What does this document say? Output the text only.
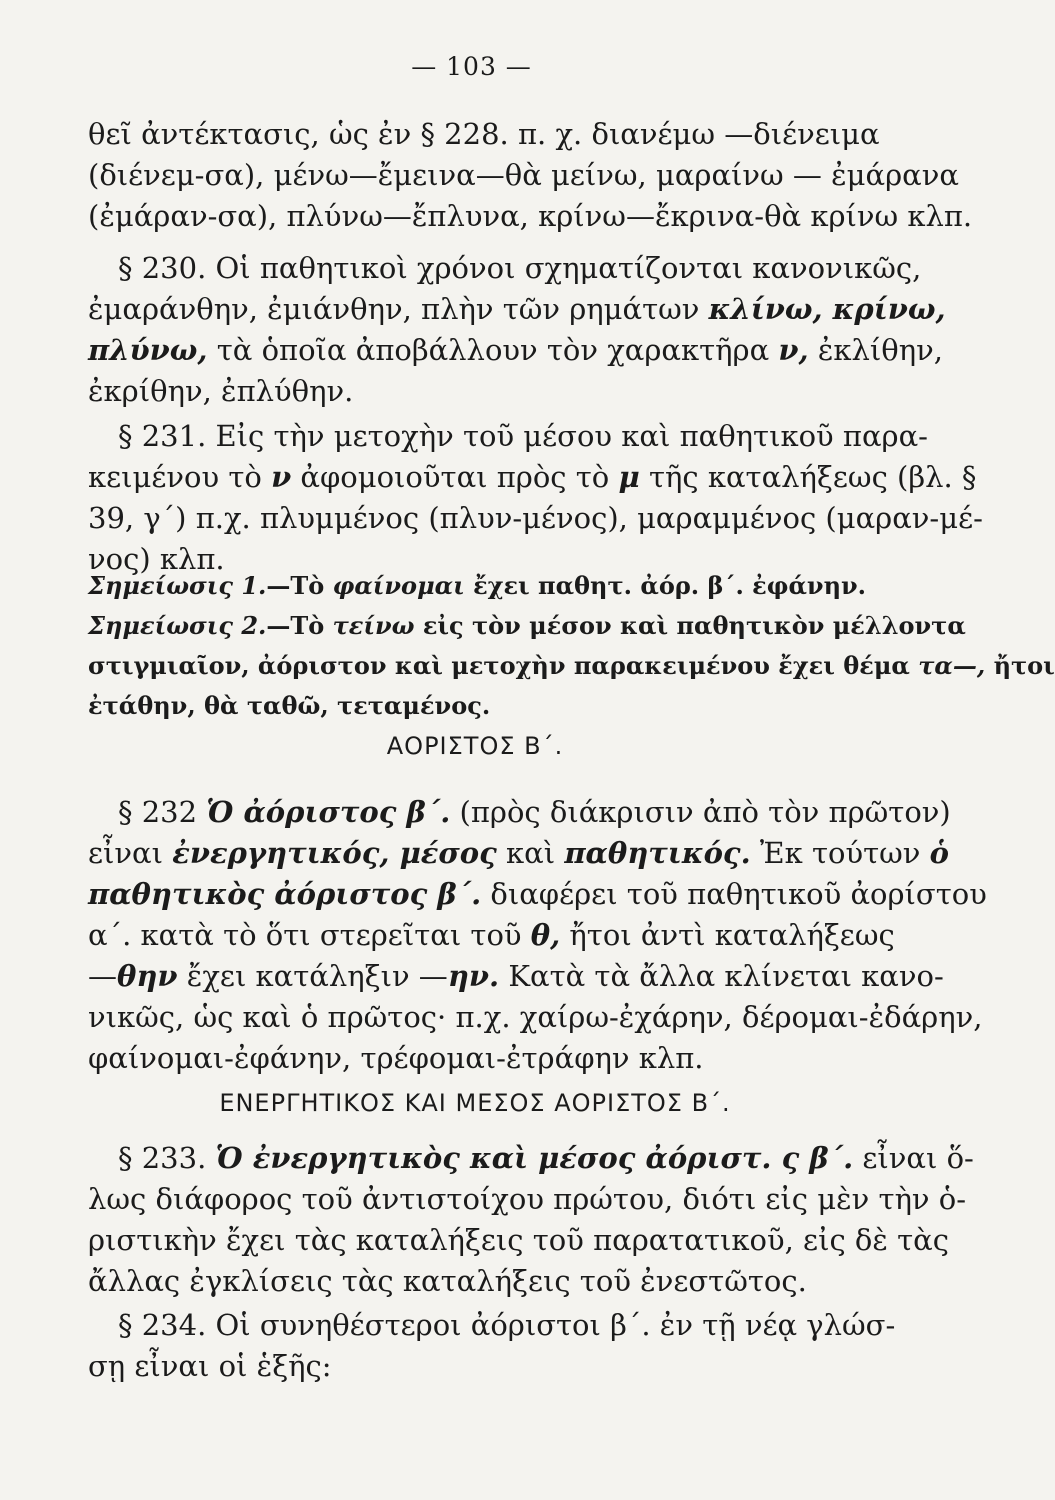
— 103 —
θεῖ ἀντέκτασις, ὡς ἐν § 228. π. χ. διανέμω —διένειμα
(διένεμ-σα), μένω—ἔμεινα—θὰ μείνω, μαραίνω — ἐμάρανα
(ἐμάραν-σα), πλύνω—ἔπλυνα, κρίνω—ἔκρινα-θὰ κρίνω κλπ.
§ 230. Οἱ παθητικοὶ χρόνοι σχηματίζονται κανονικῶς,
ἐμαράνθην, ἐμιάνθην, πλὴν τῶν ρημάτων κλίνω, κρίνω,
πλύνω, τὰ ὁποῖα ἀποβάλλουν τὸν χαρακτῆρα ν, ἐκλίθην,
ἐκρίθην, ἐπλύθην.
§ 231. Εἰς τὴν μετοχὴν τοῦ μέσου καὶ παθητικοῦ παρα-
κειμένου τὸ ν ἀφομοιοῦται πρὸς τὸ μ τῆς καταλήξεως (βλ. §
39, γ΄) π.χ. πλυμμένος (πλυν-μένος), μαραμμένος (μαραν-μέ-
νος) κλπ.
Σημείωσις 1.—Τὸ φαίνομαι ἔχει παθητ. ἀόρ. β΄. ἐφάνην.
Σημείωσις 2.—Τὸ τείνω εἰς τὸν μέσον καὶ παθητικὸν μέλλοντα
στιγμιαῖον, ἀόριστον καὶ μετοχὴν παρακειμένου ἔχει θέμα τα—, ἤτοι
ἐτάθην, θὰ ταθῶ, τεταμένος.
ΑΟΡΙΣΤΟΣ Β΄.
§ 232 Ὁ ἀόριστος β΄. (πρὸς διάκρισιν ἀπὸ τὸν πρῶτον)
εἶναι ἐνεργητικός, μέσος καὶ παθητικός. Ἐκ τούτων ὁ
παθητικὸς ἀόριστος β΄. διαφέρει τοῦ παθητικοῦ ἀορίστου
α΄. κατὰ τὸ ὅτι στερεῖται τοῦ θ, ἤτοι ἀντὶ καταλήξεως
—θην ἔχει κατάληξιν —ην. Κατὰ τὰ ἄλλα κλίνεται κανο-
νικῶς, ὡς καὶ ὁ πρῶτος· π.χ. χαίρω-ἐχάρην, δέρομαι-ἐδάρην,
φαίνομαι-ἐφάνην, τρέφομαι-ἐτράφην κλπ.
ΕΝΕΡΓΗΤΙΚΟΣ ΚΑΙ ΜΕΣΟΣ ΑΟΡΙΣΤΟΣ Β΄.
§ 233. Ὁ ἐνεργητικὸς καὶ μέσος ἀόριστ. ς β΄. εἶναι ὅ-
λως διάφορος τοῦ ἀντιστοίχου πρώτου, διότι εἰς μὲν τὴν ὁ-
ριστικὴν ἔχει τὰς καταλήξεις τοῦ παρατατικοῦ, εἰς δὲ τὰς
ἄλλας ἐγκλίσεις τὰς καταλήξεις τοῦ ἐνεστῶτος.
§ 234. Οἱ συνηθέστεροι ἀόριστοι β΄. ἐν τῇ νέᾳ γλώσ-
σῃ εἶναι οἱ ἑξῆς:
